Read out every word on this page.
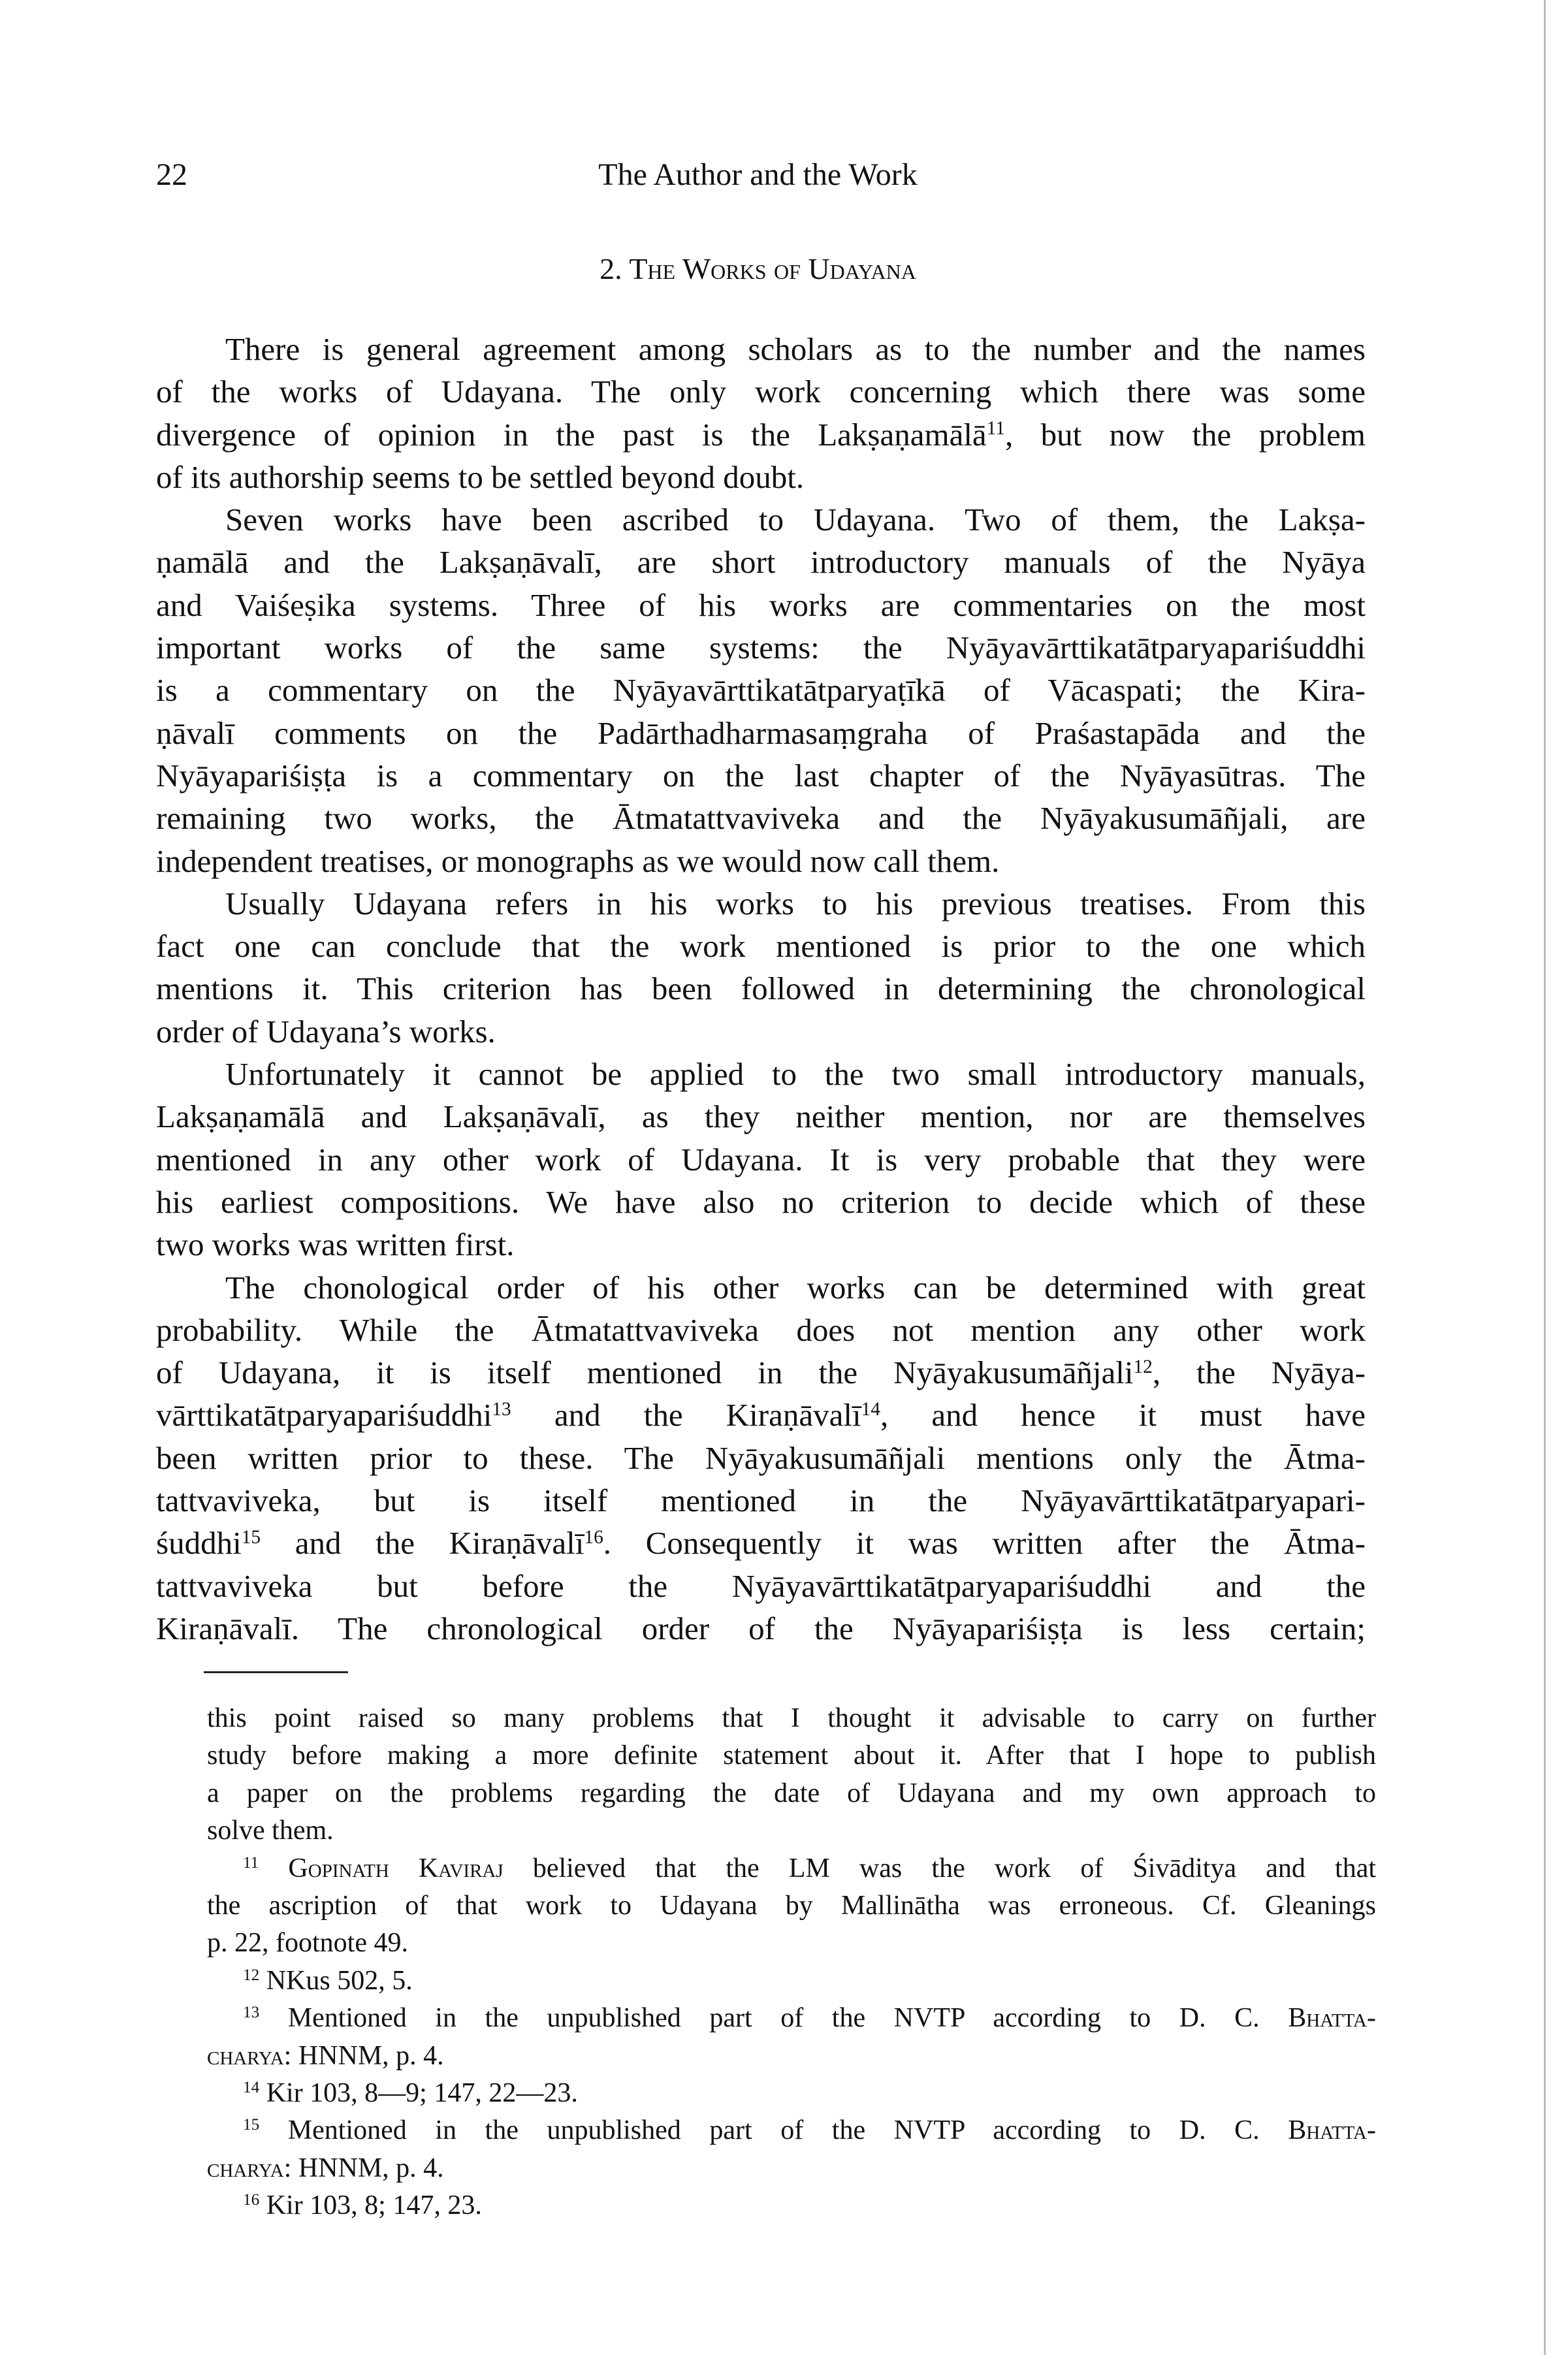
22	The Author and the Work
2. The Works of Udayana
There is general agreement among scholars as to the number and the names
of the works of Udayana. The only work concerning which there was some
divergence of opinion in the past is the Lakṣaṇamālā$^{11}$, but now the problem
of its authorship seems to be settled beyond doubt.
Seven works have been ascribed to Udayana. Two of them, the Lakṣa-
ṇamālā and the Lakṣaṇāvalī, are short introductory manuals of the Nyāya
and Vaiśeṣika systems. Three of his works are commentaries on the most
important works of the same systems: the Nyāyavārttikatātparyapariśuddhi
is a commentary on the Nyāyavārttikatātparyaṭīkā of Vācaspati; the Kira-
ṇāvalī comments on the Padārthadharmasaṃgraha of Praśastapāda and the
Nyāyapariśiṣṭa is a commentary on the last chapter of the Nyāyasūtras. The
remaining two works, the Ātmatattvaviveka and the Nyāyakusumāñjali, are
independent treatises, or monographs as we would now call them.
Usually Udayana refers in his works to his previous treatises. From this
fact one can conclude that the work mentioned is prior to the one which
mentions it. This criterion has been followed in determining the chronological
order of Udayana’s works.
Unfortunately it cannot be applied to the two small introductory manuals,
Lakṣaṇamālā and Lakṣaṇāvalī, as they neither mention, nor are themselves
mentioned in any other work of Udayana. It is very probable that they were
his earliest compositions. We have also no criterion to decide which of these
two works was written first.
The chonological order of his other works can be determined with great
probability. While the Ātmatattvaviveka does not mention any other work
of Udayana, it is itself mentioned in the Nyāyakusumāñjali$^{12}$, the Nyāya-
vārttikatātparyapariśuddhi$^{13}$ and the Kiraṇāvalī$^{14}$, and hence it must have
been written prior to these. The Nyāyakusumāñjali mentions only the Ātma-
tattvaviveka, but is itself mentioned in the Nyāyavārttikatātparyapari-
śuddhi$^{15}$ and the Kiraṇāvalī$^{16}$. Consequently it was written after the Ātma-
tattvaviveka but before the Nyāyavārttikatātparyapariśuddhi and the
Kiraṇāvalī. The chronological order of the Nyāyapariśiṣṭa is less certain;
this point raised so many problems that I thought it advisable to carry on further
study before making a more definite statement about it. After that I hope to publish
a paper on the problems regarding the date of Udayana and my own approach to
solve them.
$^{11}$ Gopinath Kaviraj believed that the LM was the work of Śivāditya and that
the ascription of that work to Udayana by Mallinātha was erroneous. Cf. Gleanings
p. 22, footnote 49.
$^{12}$ NKus 502, 5.
$^{13}$ Mentioned in the unpublished part of the NVTP according to D. C. Bhatta-
charya: HNNM, p. 4.
$^{14}$ Kir 103, 8—9; 147, 22—23.
$^{15}$ Mentioned in the unpublished part of the NVTP according to D. C. Bhatta-
charya: HNNM, p. 4.
$^{16}$ Kir 103, 8; 147, 23.
